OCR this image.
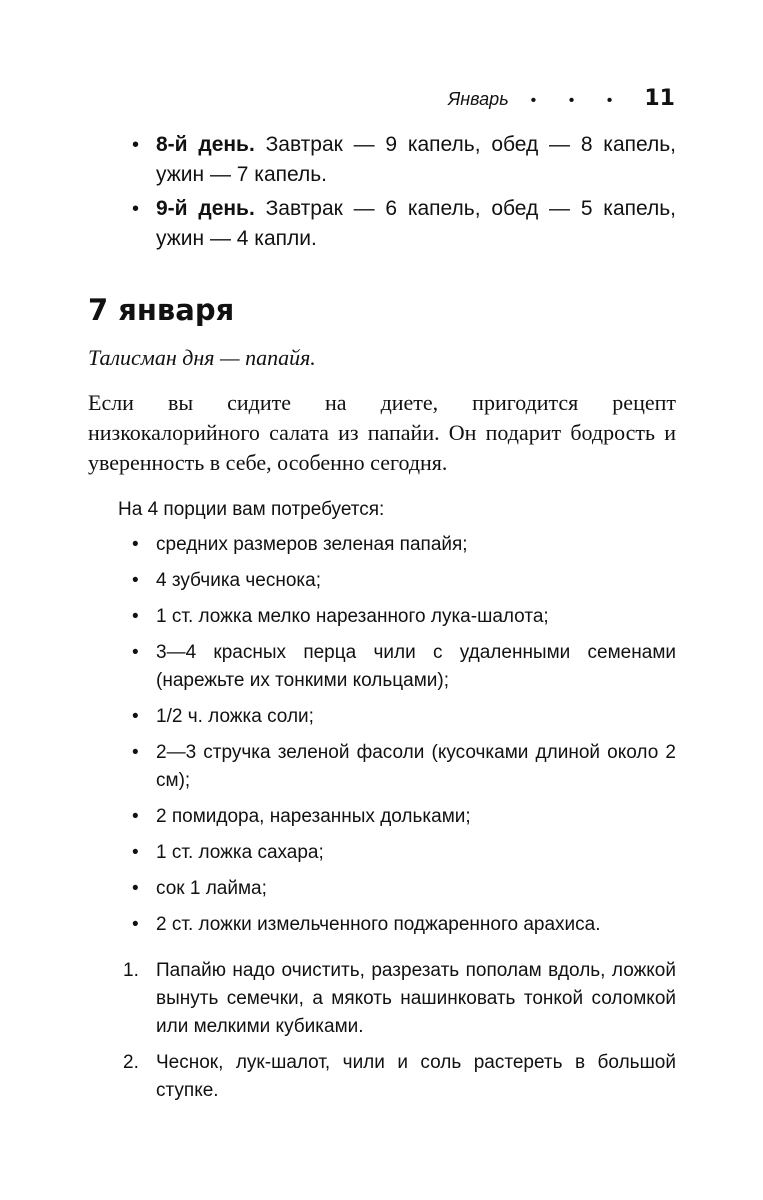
Январь • • • 11
• 8-й день. Завтрак — 9 капель, обед — 8 капель, ужин — 7 капель.
• 9-й день. Завтрак — 6 капель, обед — 5 капель, ужин — 4 капли.
7 января

Талисман дня — папайя.

Если вы сидите на диете, пригодится рецепт низкокалорийного салата из папайи. Он подарит бодрость и уверенность в себе, особенно сегодня.

На 4 порции вам потребуется:

• средних размеров зеленая папайя;
• 4 зубчика чеснока;
• 1 ст. ложка мелко нарезанного лука-шалота;
• 3—4 красных перца чили с удаленными семенами (нарежьте их тонкими кольцами);
• 1/2 ч. ложка соли;
• 2—3 стручка зеленой фасоли (кусочками длиной около 2 см);
• 2 помидора, нарезанных дольками;
• 1 ст. ложка сахара;
• сок 1 лайма;
• 2 ст. ложки измельченного поджаренного арахиса.
1. Папайю надо очистить, разрезать пополам вдоль, ложкой вынуть семечки, а мякоть нашинковать тонкой соломкой или мелкими кубиками.
2. Чеснок, лук-шалот, чили и соль растереть в большой ступке.
